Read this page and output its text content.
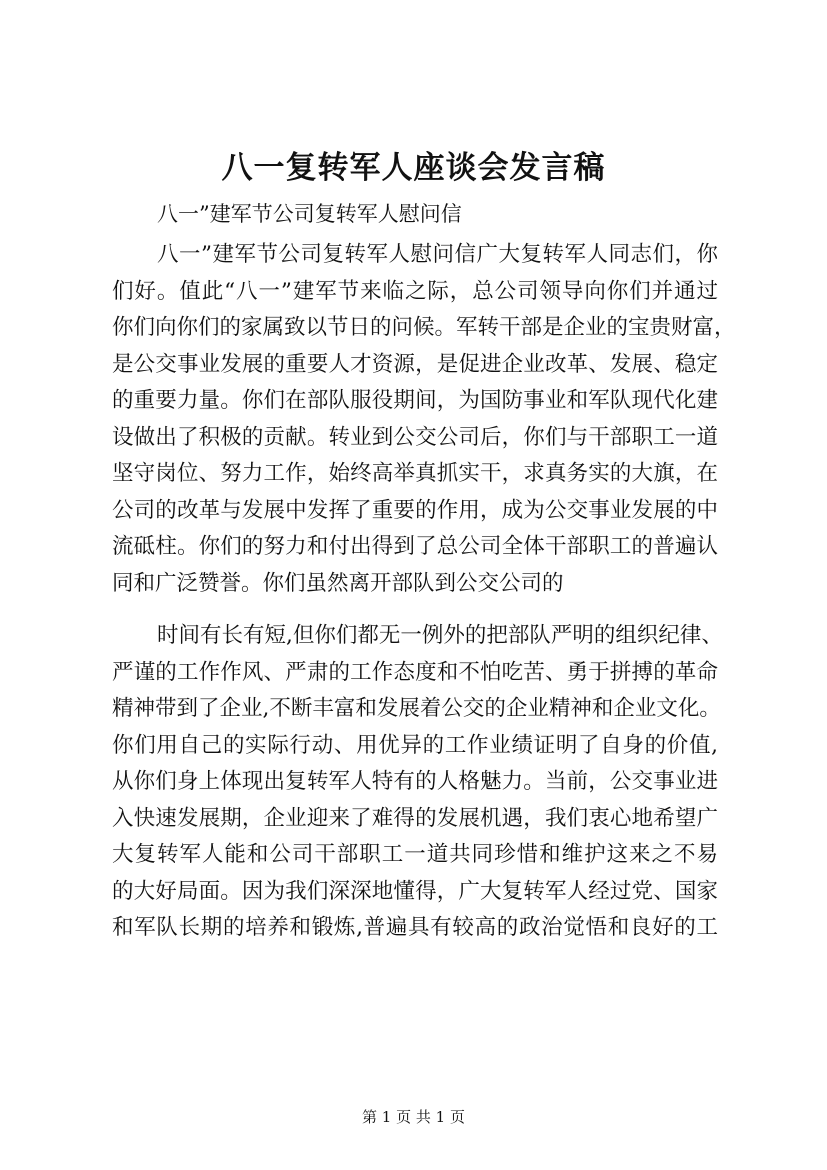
八一复转军人座谈会发言稿

八一”建军节公司复转军人慰问信

八一”建军节公司复转军人慰问信广大复转军人同志们，你
们好。值此“八一”建军节来临之际，总公司领导向你们并通过
你们向你们的家属致以节日的问候。军转干部是企业的宝贵财富，
是公交事业发展的重要人才资源，是促进企业改革、发展、稳定
的重要力量。你们在部队服役期间，为国防事业和军队现代化建
设做出了积极的贡献。转业到公交公司后，你们与干部职工一道
坚守岗位、努力工作，始终高举真抓实干，求真务实的大旗，在
公司的改革与发展中发挥了重要的作用，成为公交事业发展的中
流砥柱。你们的努力和付出得到了总公司全体干部职工的普遍认
同和广泛赞誉。你们虽然离开部队到公交公司的
时间有长有短,但你们都无一例外的把部队严明的组织纪律、
严谨的工作作风、严肃的工作态度和不怕吃苦、勇于拼搏的革命
精神带到了企业,不断丰富和发展着公交的企业精神和企业文化。
你们用自己的实际行动、用优异的工作业绩证明了自身的价值,
从你们身上体现出复转军人特有的人格魅力。当前，公交事业进
入快速发展期，企业迎来了难得的发展机遇，我们衷心地希望广
大复转军人能和公司干部职工一道共同珍惜和维护这来之不易
的大好局面。因为我们深深地懂得，广大复转军人经过党、国家
和军队长期的培养和锻炼,普遍具有较高的政治觉悟和良好的工

第 1 页 共 1 页
